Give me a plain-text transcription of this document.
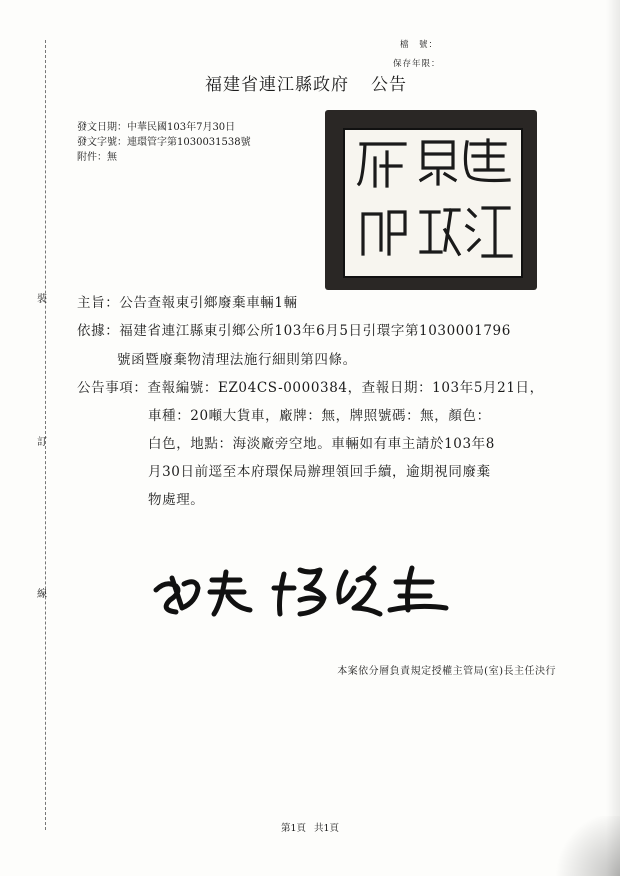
裝
訂
線
檔　號：
保存年限：
福建省連江縣政府 公告
發文日期：中華民國103年7月30日
發文字號：連環管字第1030031538號
附件：無
主旨：公告查報東引鄉廢棄車輛1輛
依據：福建省連江縣東引鄉公所103年6月5日引環字第1030001796
號函暨廢棄物清理法施行細則第四條。
公告事項：查報編號：EZ04CS-0000384，查報日期：103年5月21日，
車種：20噸大貨車，廠牌：無，牌照號碼：無，顏色：
白色，地點：海淡廠旁空地。車輛如有車主請於103年8
月30日前逕至本府環保局辦理領回手續，逾期視同廢棄
物處理。
本案依分層負責規定授權主管局(室)長主任決行
第1頁 共1頁
